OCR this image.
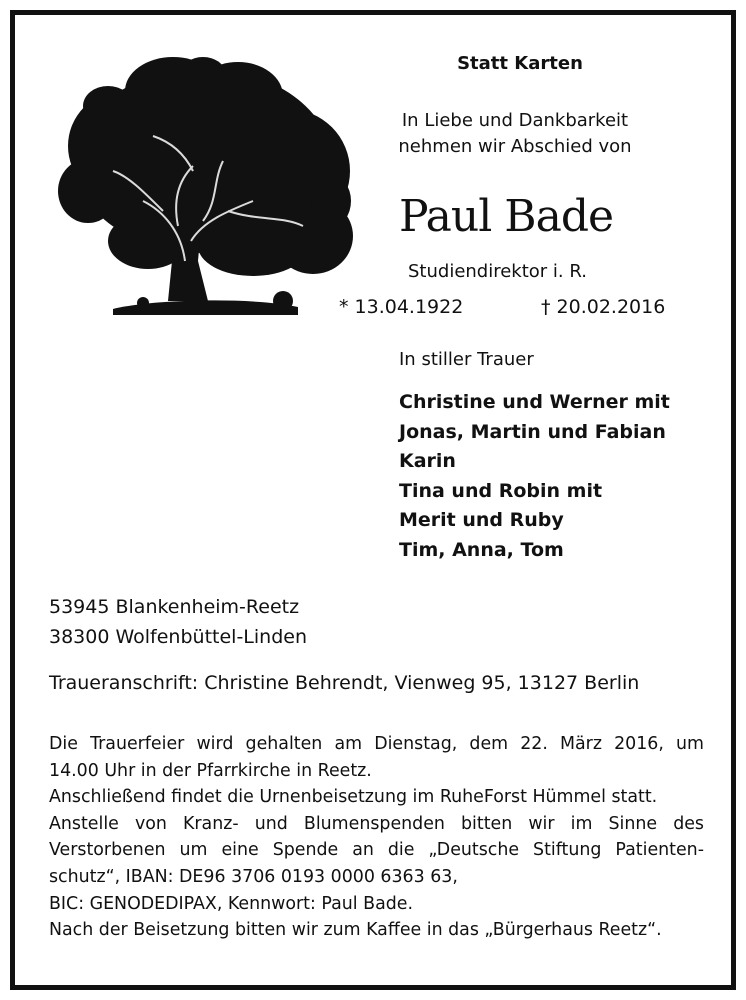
Statt Karten
In Liebe und Dankbarkeit
nehmen wir Abschied von
Paul Bade
Studiendirektor i. R.
* 13.04.1922	† 20.02.2016
In stiller Trauer
Christine und Werner mit
Jonas, Martin und Fabian
Karin
Tina und Robin mit
Merit und Ruby
Tim, Anna, Tom
53945 Blankenheim-Reetz
38300 Wolfenbüttel-Linden
Traueranschrift: Christine Behrendt, Vienweg 95, 13127 Berlin
Die Trauerfeier wird gehalten am Dienstag, dem 22. März 2016, um
14.00 Uhr in der Pfarrkirche in Reetz.
Anschließend findet die Urnenbeisetzung im RuheForst Hümmel statt.
Anstelle von Kranz- und Blumenspenden bitten wir im Sinne des
Verstorbenen um eine Spende an die „Deutsche Stiftung Patienten-
schutz“, IBAN: DE96 3706 0193 0000 6363 63,
BIC: GENODEDIPAX, Kennwort: Paul Bade.
Nach der Beisetzung bitten wir zum Kaffee in das „Bürgerhaus Reetz“.
